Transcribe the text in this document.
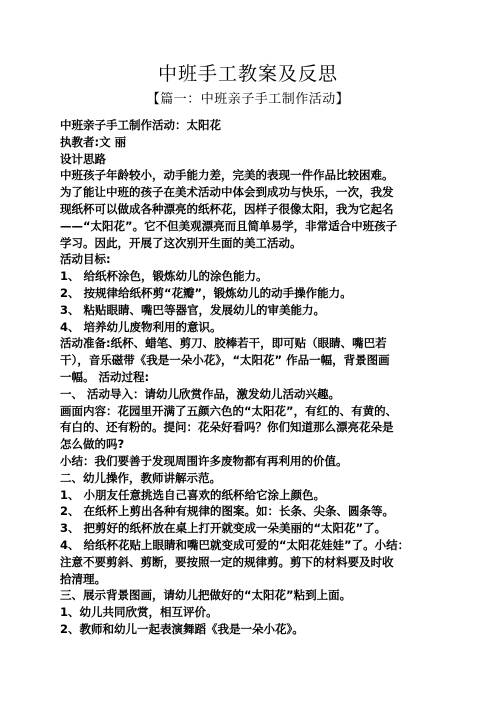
中班手工教案及反思
【篇一：中班亲子手工制作活动】

中班亲子手工制作活动：太阳花

执教者:文 丽

设计思路

中班孩子年龄较小，动手能力差，完美的表现一件作品比较困难。

为了能让中班的孩子在美术活动中体会到成功与快乐，一次，我发

现纸杯可以做成各种漂亮的纸杯花，因样子很像太阳，我为它起名

——“太阳花”。它不但美观漂亮而且简单易学，非常适合中班孩子

学习。因此，开展了这次别开生面的美工活动。

活动目标:

1、 给纸杯涂色，锻炼幼儿的涂色能力。

2、 按规律给纸杯剪“花瓣”，锻炼幼儿的动手操作能力。

3、 粘贴眼睛、嘴巴等器官，发展幼儿的审美能力。

4、 培养幼儿废物利用的意识。

活动准备:纸杯、蜡笔、剪刀、胶棒若干，即可贴（眼睛、嘴巴若

干），音乐磁带《我是一朵小花》，“太阳花” 作品一幅，背景图画

一幅。 活动过程:

一、 活动导入：请幼儿欣赏作品，激发幼儿活动兴趣。

画面内容：花园里开满了五颜六色的“太阳花”，有红的、有黄的、

有白的、还有粉的。提问：花朵好看吗？你们知道那么漂亮花朵是

怎么做的吗?

小结：我们要善于发现周围许多废物都有再利用的价值。

二、幼儿操作，教师讲解示范。

1、 小朋友任意挑选自己喜欢的纸杯给它涂上颜色。

2、 在纸杯上剪出各种有规律的图案。如：长条、尖条、圆条等。

3、 把剪好的纸杯放在桌上打开就变成一朵美丽的“太阳花”了。

4、 给纸杯花贴上眼睛和嘴巴就变成可爱的“太阳花娃娃”了。小结：

注意不要剪斜、剪断，要按照一定的规律剪。剪下的材料要及时收

拾清理。

三、展示背景图画，请幼儿把做好的“太阳花”粘到上面。

1、幼儿共同欣赏，相互评价。

2、教师和幼儿一起表演舞蹈《我是一朵小花》。
